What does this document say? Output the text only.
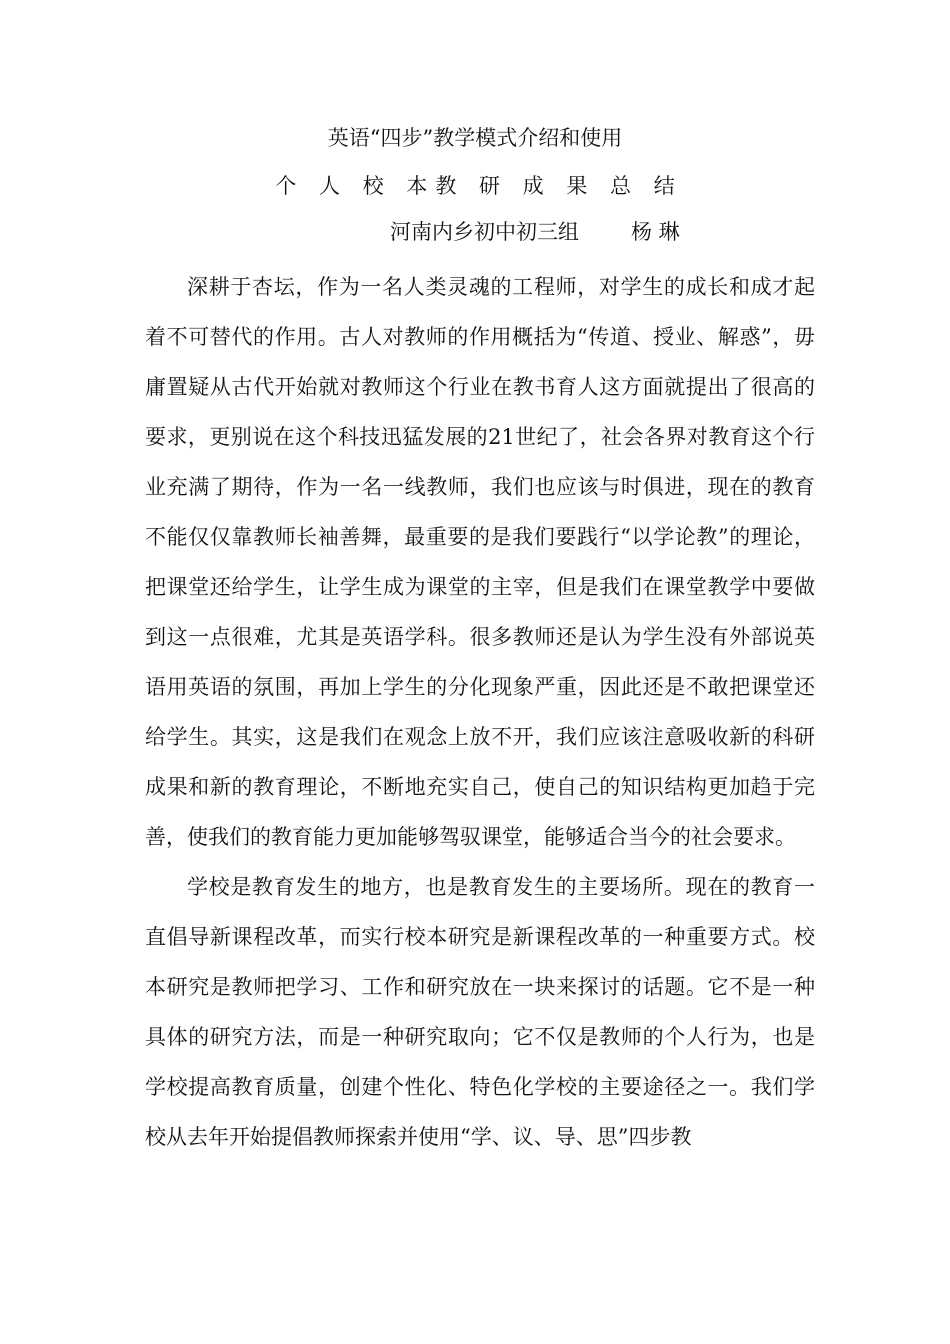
英语“四步”教学模式介绍和使用
个 人 校 本教 研 成 果 总 结
河南内乡初中初三组 杨 琳

深耕于杏坛，作为一名人类灵魂的工程师，对学生的成长和成才起着不可替代的作用。古人对教师的作用概括为“传道、授业、解惑”，毋庸置疑从古代开始就对教师这个行业在教书育人这方面就提出了很高的要求，更别说在这个科技迅猛发展的21世纪了，社会各界对教育这个行业充满了期待，作为一名一线教师，我们也应该与时俱进，现在的教育不能仅仅靠教师长袖善舞，最重要的是我们要践行“以学论教”的理论，把课堂还给学生，让学生成为课堂的主宰，但是我们在课堂教学中要做到这一点很难，尤其是英语学科。很多教师还是认为学生没有外部说英语用英语的氛围，再加上学生的分化现象严重，因此还是不敢把课堂还给学生。其实，这是我们在观念上放不开，我们应该注意吸收新的科研成果和新的教育理论，不断地充实自己，使自己的知识结构更加趋于完善，使我们的教育能力更加能够驾驭课堂，能够适合当今的社会要求。

学校是教育发生的地方，也是教育发生的主要场所。现在的教育一直倡导新课程改革，而实行校本研究是新课程改革的一种重要方式。校本研究是教师把学习、工作和研究放在一块来探讨的话题。它不是一种具体的研究方法，而是一种研究取向；它不仅是教师的个人行为，也是学校提高教育质量，创建个性化、特色化学校的主要途径之一。我们学校从去年开始提倡教师探索并使用“学、议、导、思”四步教
